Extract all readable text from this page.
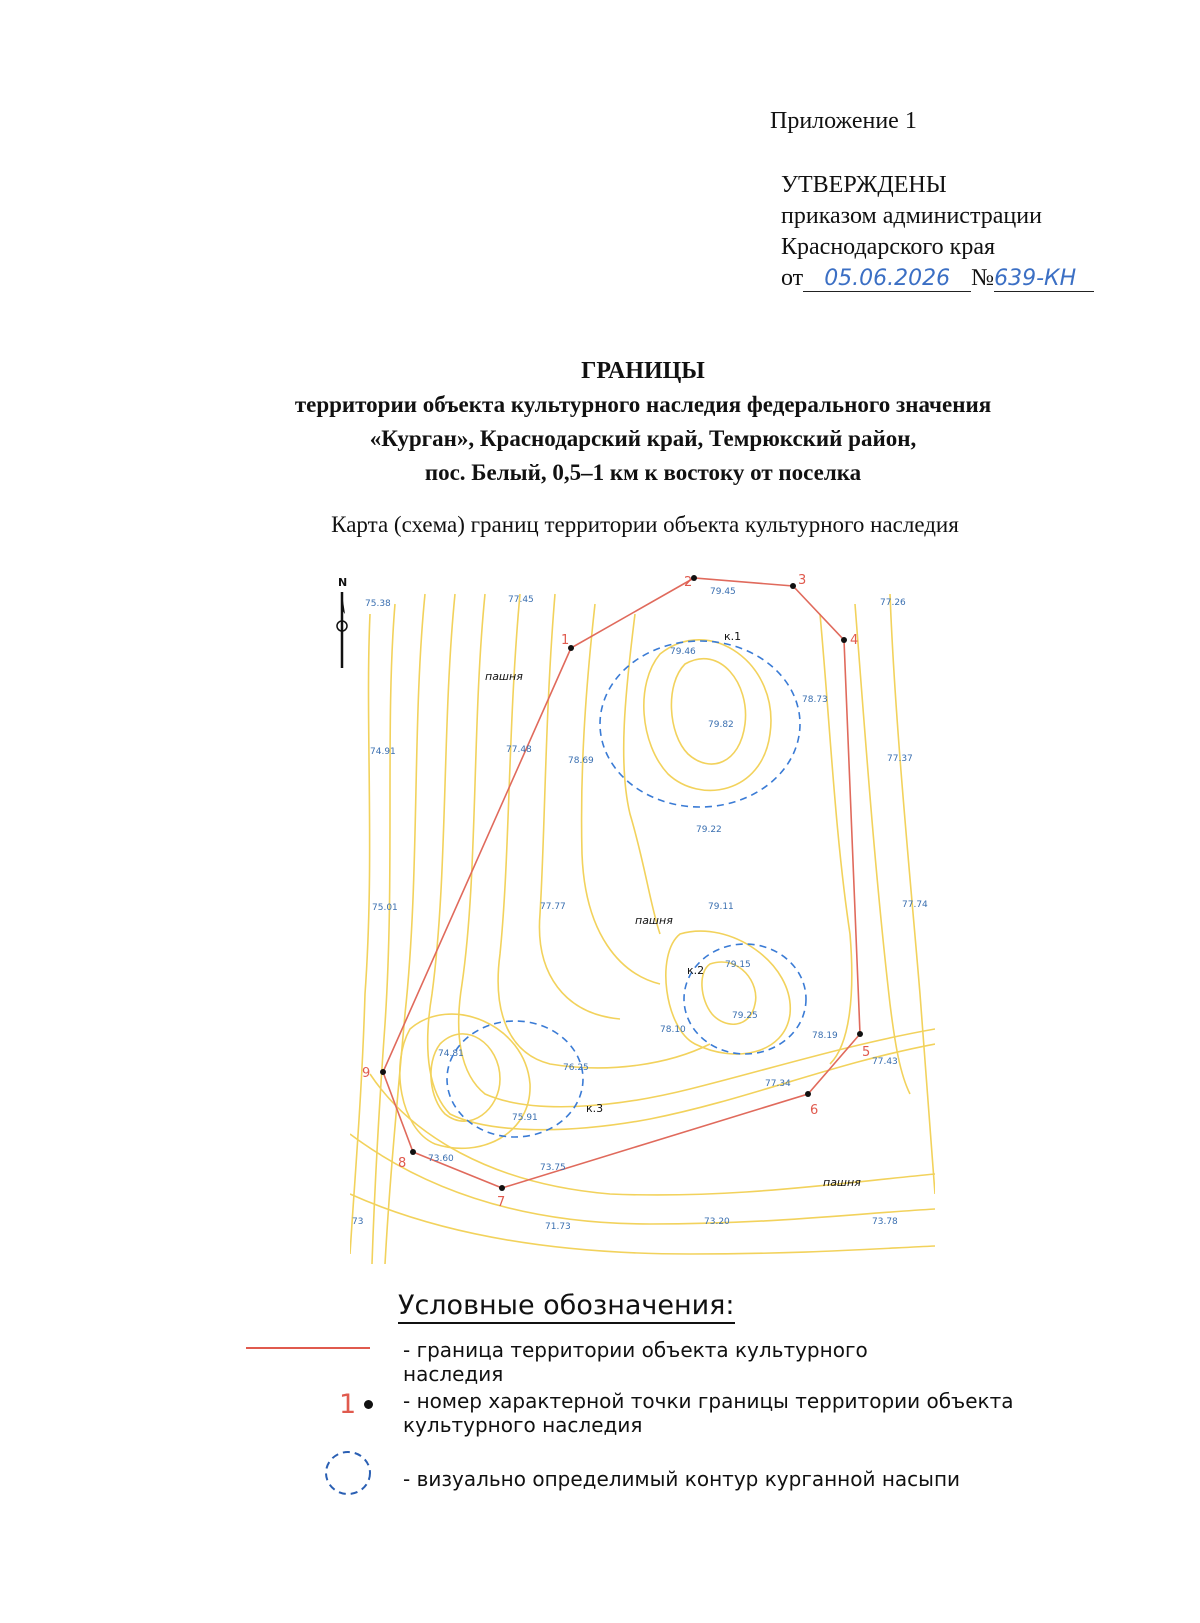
Приложение 1
УТВЕРЖДЕНЫ
приказом администрации
Краснодарского края
от 05.06.2026 №639-КН
ГРАНИЦЫ
территории объекта культурного наследия федерального значения
«Курган», Краснодарский край, Темрюкский район,
пос. Белый, 0,5–1 км к востоку от поселка
Карта (схема) границ территории объекта культурного наследия
1
2	3
4
5
6
7
8
9
75.38	77.45
79.45
77.26
79.46
78.73
79.82
74.91	77.48
78.69	77.37
79.22
75.01	77.77	79.11	77.74
79.15
79.25
78.10
78.19
77.43
74.81
76.25
77.34
75.91
73.60
73.75
73	71.73	73.20	73.78
к.1
к.2
к.3
пашня
пашня
пашня
N
Условные обозначения:
- граница территории объекта культурного наследия
1 - номер характерной точки границы территории объекта культурного наследия
- визуально определимый контур курганной насыпи
